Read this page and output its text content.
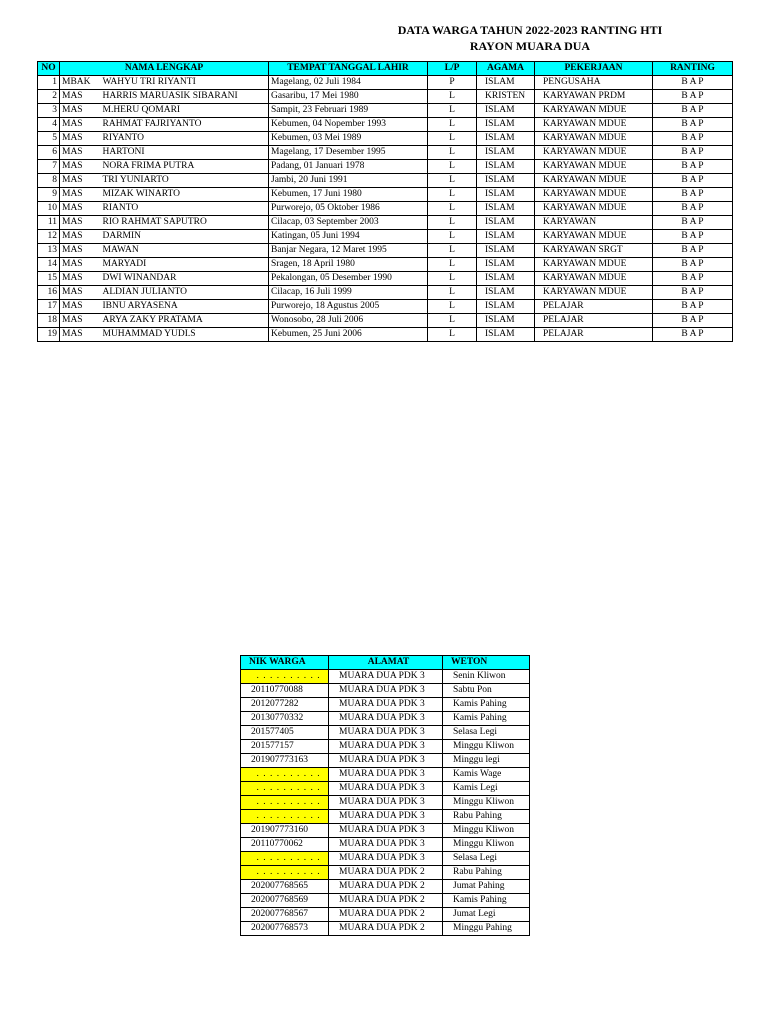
DATA WARGA TAHUN 2022-2023 RANTING HTI
RAYON MUARA DUA
NO	NAMA LENGKAP		TEMPAT TANGGAL LAHIR	L/P	AGAMA	PEKERJAAN	RANTING
1	MBAK	WAHYU TRI RIYANTI	Magelang, 02 Juli 1984	P	ISLAM	PENGUSAHA	B A P
2	MAS	HARRIS MARUASIK SIBARANI	Gasaribu, 17 Mei 1980	L	KRISTEN	KARYAWAN PRDM	B A P
3	MAS	M.HERU QOMARI	Sampit, 23 Februari 1989	L	ISLAM	KARYAWAN MDUE	B A P
4	MAS	RAHMAT FAJRIYANTO	Kebumen, 04 Nopember 1993	L	ISLAM	KARYAWAN MDUE	B A P
5	MAS	RIYANTO	Kebumen, 03 Mei 1989	L	ISLAM	KARYAWAN MDUE	B A P
6	MAS	HARTONI	Magelang, 17 Desember 1995	L	ISLAM	KARYAWAN MDUE	B A P
7	MAS	NORA FRIMA PUTRA	Padang, 01 Januari 1978	L	ISLAM	KARYAWAN MDUE	B A P
8	MAS	TRI YUNIARTO	Jambi, 20 Juni 1991	L	ISLAM	KARYAWAN MDUE	B A P
9	MAS	MIZAK WINARTO	Kebumen, 17 Juni 1980	L	ISLAM	KARYAWAN MDUE	B A P
10	MAS	RIANTO	Purworejo, 05 Oktober 1986	L	ISLAM	KARYAWAN MDUE	B A P
11	MAS	RIO RAHMAT SAPUTRO	Cilacap, 03 September 2003	L	ISLAM	KARYAWAN	B A P
12	MAS	DARMIN	Katingan, 05 Juni 1994	L	ISLAM	KARYAWAN MDUE	B A P
13	MAS	MAWAN	Banjar Negara, 12 Maret 1995	L	ISLAM	KARYAWAN SRGT	B A P
14	MAS	MARYADI	Sragen, 18 April 1980	L	ISLAM	KARYAWAN MDUE	B A P
15	MAS	DWI WINANDAR	Pekalongan, 05 Desember 1990	L	ISLAM	KARYAWAN MDUE	B A P
16	MAS	ALDIAN JULIANTO	Cilacap, 16 Juli 1999	L	ISLAM	KARYAWAN MDUE	B A P
17	MAS	IBNU ARYASENA	Purworejo, 18 Agustus 2005	L	ISLAM	PELAJAR	B A P
18	MAS	ARYA ZAKY PRATAMA	Wonosobo, 28 Juli 2006	L	ISLAM	PELAJAR	B A P
19	MAS	MUHAMMAD YUDI.S	Kebumen, 25 Juni 2006	L	ISLAM	PELAJAR	B A P
NIK WARGA	ALAMAT	WETON
. . . . . . . . . .	MUARA DUA PDK 3	Senin Kliwon
20110770088	MUARA DUA PDK 3	Sabtu Pon
2012077282	MUARA DUA PDK 3	Kamis Pahing
20130770332	MUARA DUA PDK 3	Kamis Pahing
201577405	MUARA DUA PDK 3	Selasa Legi
201577157	MUARA DUA PDK 3	Minggu Kliwon
201907773163	MUARA DUA PDK 3	Minggu legi
. . . . . . . . . .	MUARA DUA PDK 3	Kamis Wage
. . . . . . . . . .	MUARA DUA PDK 3	Kamis Legi
. . . . . . . . . .	MUARA DUA PDK 3	Minggu Kliwon
. . . . . . . . . .	MUARA DUA PDK 3	Rabu Pahing
201907773160	MUARA DUA PDK 3	Minggu Kliwon
20110770062	MUARA DUA PDK 3	Minggu Kliwon
. . . . . . . . . .	MUARA DUA PDK 3	Selasa Legi
. . . . . . . . . .	MUARA DUA PDK 2	Rabu Pahing
202007768565	MUARA DUA PDK 2	Jumat Pahing
202007768569	MUARA DUA PDK 2	Kamis Pahing
202007768567	MUARA DUA PDK 2	Jumat Legi
202007768573	MUARA DUA PDK 2	Minggu Pahing
